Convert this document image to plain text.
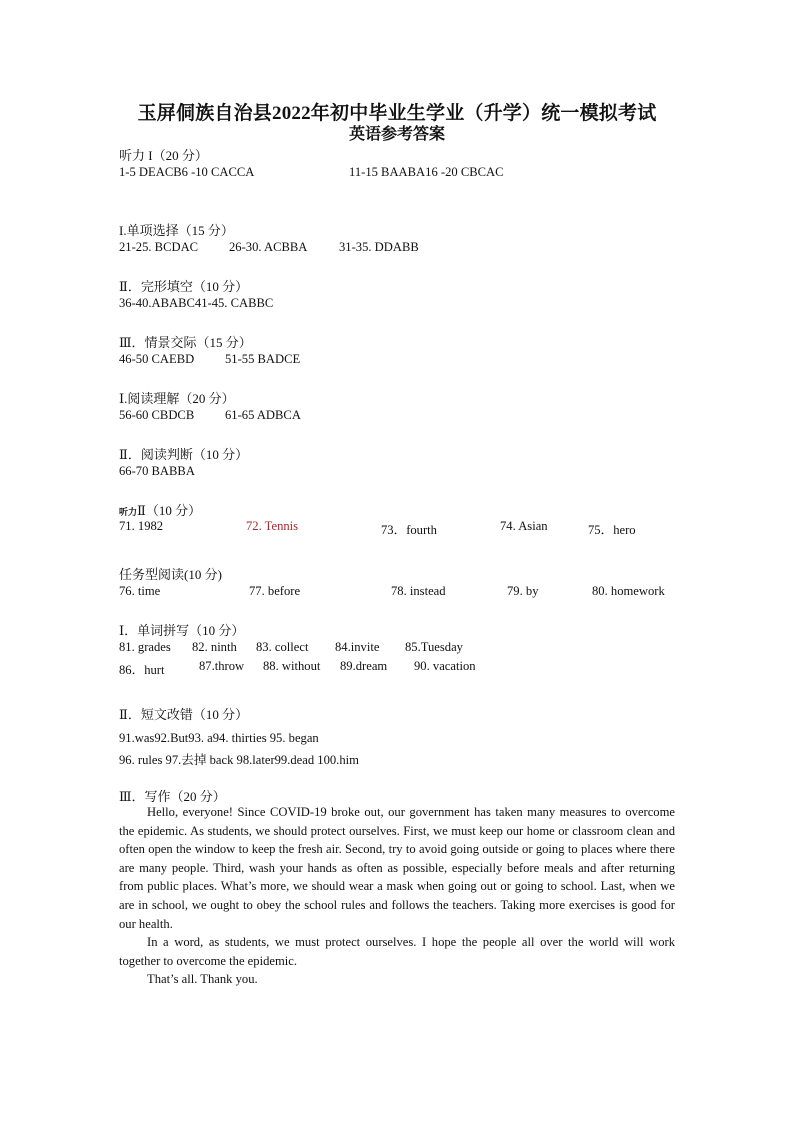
玉屏侗族自治县2022年初中毕业生学业（升学）统一模拟考试
英语参考答案
听力 I（20 分）
1-5 DEACB6 -10 CACCA	11-15 BAABA16 -20 CBCAC
I.单项选择（15 分）
21-25. BCDAC 26-30. ACBBA	31-35. DDABB
Ⅱ．完形填空（10 分）
36-40.ABABC41-45. CABBC
Ⅲ．情景交际（15 分）
46-50 CAEBD 51-55 BADCE
Ⅰ.阅读理解（20 分）
56-60 CBDCB 61-65 ADBCA
Ⅱ．阅读判断（10 分）
66-70 BABBA
听力Ⅱ（10 分）
71. 1982	72. Tennis	73．fourth	74. Asian	75．hero
任务型阅读(10 分)
76. time	77. before	78. instead	79. by	80. homework
Ⅰ．单词拼写（10 分）
81. grades 82. ninth 83. collect 84.invite 85.Tuesday
86．hurt	87.throw 88. without 89.dream 90. vacation
Ⅱ．短文改错（10 分）
91.was92.But93. a94. thirties 95. began
96. rules 97.去掉 back 98.later99.dead 100.him
Ⅲ．写作（20 分）

Hello, everyone! Since COVID-19 broke out, our government has taken many measures to overcome the epidemic. As students, we should protect ourselves. First, we must keep our home or classroom clean and often open the window to keep the fresh air. Second, try to avoid going outside or going to places where there are many people. Third, wash your hands as often as possible, especially before meals and after returning from public places. What’s more, we should wear a mask when going out or going to school. Last, when we are in school, we ought to obey the school rules and follows the teachers. Taking more exercises is good for our health.

In a word, as students, we must protect ourselves. I hope the people all over the world will work together to overcome the epidemic.

That’s all. Thank you.
